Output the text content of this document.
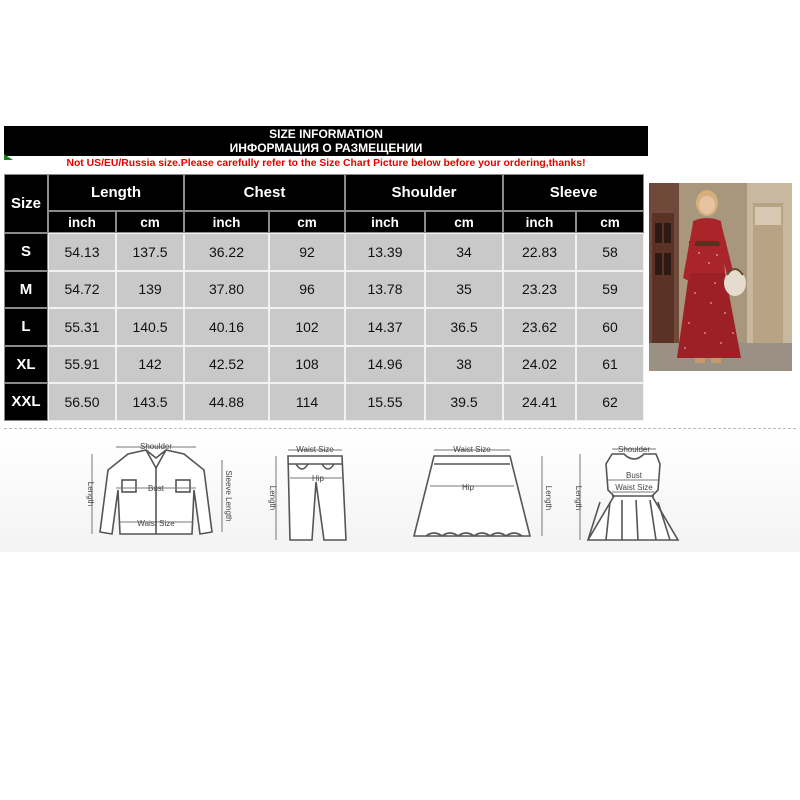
SIZE INFORMATION
ИНФОРМАЦИЯ О РАЗМЕЩЕНИИ
Not US/EU/Russia size.Please carefully refer to the Size Chart Picture below before your ordering,thanks!
Size	Length		Chest		Shoulder		Sleeve	
	inch	cm	inch	cm	inch	cm	inch	cm
S	54.13	137.5	36.22	92	13.39	34	22.83	58
M	54.72	139	37.80	96	13.78	35	23.23	59
L	55.31	140.5	40.16	102	14.37	36.5	23.62	60
XL	55.91	142	42.52	108	14.96	38	24.02	61
XXL	56.50	143.5	44.88	114	15.55	39.5	24.41	62
Shoulder
Bust
Waist Size
Length	Sleeve Length
Waist Size
Hip
Length
Waist Size
Hip	Length
Shoulder
Bust
Waist Size
Length
